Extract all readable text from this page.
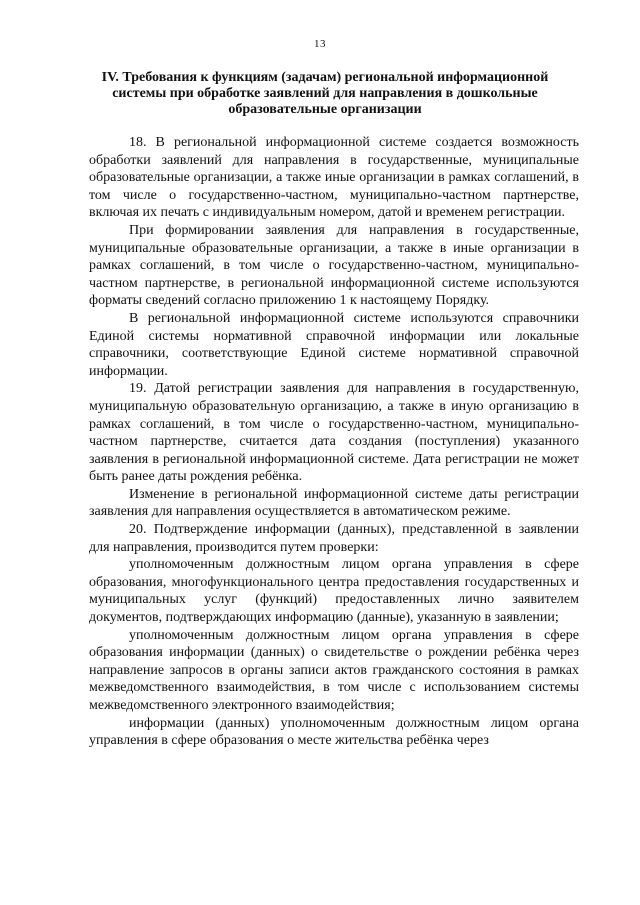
13
IV. Требования к функциям (задачам) региональной информационной системы при обработке заявлений для направления в дошкольные образовательные организации

18. В региональной информационной системе создается возможность обработки заявлений для направления в государственные, муниципальные образовательные организации, а также иные организации в рамках соглашений, в том числе о государственно-частном, муниципально-частном партнерстве, включая их печать с индивидуальным номером, датой и временем регистрации.

При формировании заявления для направления в государственные, муниципальные образовательные организации, а также в иные организации в рамках соглашений, в том числе о государственно-частном, муниципально-частном партнерстве, в региональной информационной системе используются форматы сведений согласно приложению 1 к настоящему Порядку.

В региональной информационной системе используются справочники Единой системы нормативной справочной информации или локальные справочники, соответствующие Единой системе нормативной справочной информации.

19. Датой регистрации заявления для направления в государственную, муниципальную образовательную организацию, а также в иную организацию в рамках соглашений, в том числе о государственно-частном, муниципально-частном партнерстве, считается дата создания (поступления) указанного заявления в региональной информационной системе. Дата регистрации не может быть ранее даты рождения ребёнка.

Изменение в региональной информационной системе даты регистрации заявления для направления осуществляется в автоматическом режиме.

20. Подтверждение информации (данных), представленной в заявлении для направления, производится путем проверки:

уполномоченным должностным лицом органа управления в сфере образования, многофункционального центра предоставления государственных и муниципальных услуг (функций) предоставленных лично заявителем документов, подтверждающих информацию (данные), указанную в заявлении;

уполномоченным должностным лицом органа управления в сфере образования информации (данных) о свидетельстве о рождении ребёнка через направление запросов в органы записи актов гражданского состояния в рамках межведомственного взаимодействия, в том числе с использованием системы межведомственного электронного взаимодействия;

информации (данных) уполномоченным должностным лицом органа управления в сфере образования о месте жительства ребёнка через
